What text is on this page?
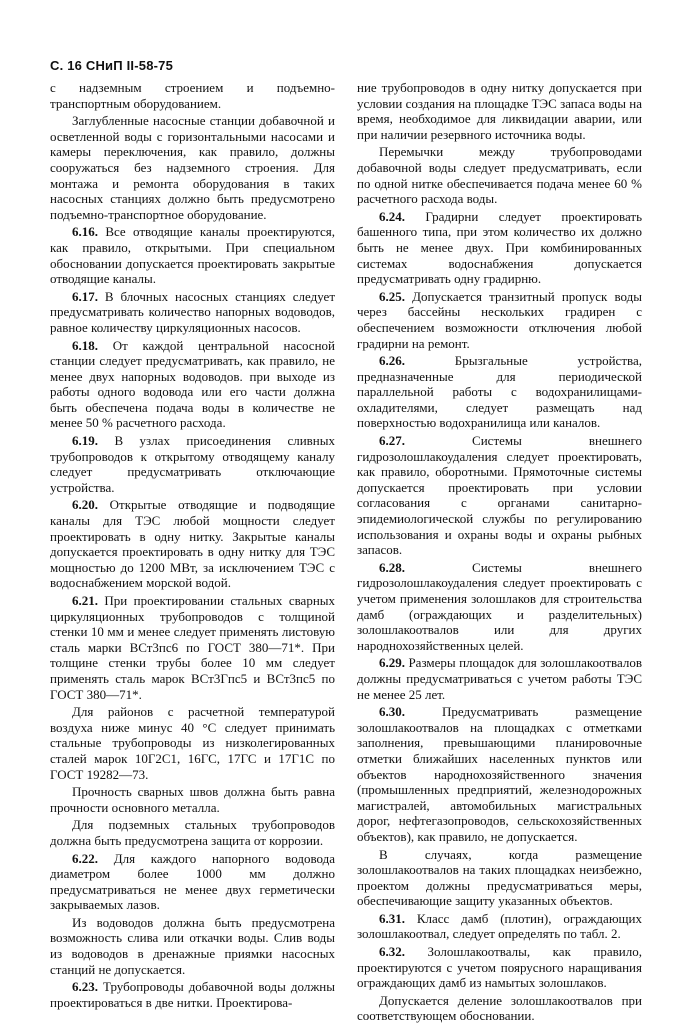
С. 16 СНиП II-58-75

с надземным строением и подъемно-транспортным оборудованием.

Заглубленные насосные станции добавочной и осветленной воды с горизонтальными насосами и камеры переключения, как правило, должны сооружаться без надземного строения. Для монтажа и ремонта оборудования в таких насосных станциях должно быть предусмотрено подъемно-транспортное оборудование.

6.16. Все отводящие каналы проектируются, как правило, открытыми. При специальном обосновании допускается проектировать закрытые отводящие каналы.

6.17. В блочных насосных станциях следует предусматривать количество напорных водоводов, равное количеству циркуляционных насосов.

6.18. От каждой центральной насосной станции следует предусматривать, как правило, не менее двух напорных водоводов. при выходе из работы одного водовода или его части должна быть обеспечена подача воды в количестве не менее 50 % расчетного расхода.

6.19. В узлах присоединения сливных трубопроводов к открытому отводящему каналу следует предусматривать отключающие устройства.

6.20. Открытые отводящие и подводящие каналы для ТЭС любой мощности следует проектировать в одну нитку. Закрытые каналы допускается проектировать в одну нитку для ТЭС мощностью до 1200 МВт, за исключением ТЭС с водоснабжением морской водой.

6.21. При проектировании стальных сварных циркуляционных трубопроводов с толщиной стенки 10 мм и менее следует применять листовую сталь марки ВСт3пс6 по ГОСТ 380—71*. При толщине стенки трубы более 10 мм следует применять сталь марок ВСт3Гпс5 и ВСт3пс5 по ГОСТ 380—71*.

Для районов с расчетной температурой воздуха ниже минус 40 °С следует принимать стальные трубопроводы из низколегированных сталей марок 10Г2С1, 16ГС, 17ГС и 17Г1С по ГОСТ 19282—73.

Прочность сварных швов должна быть равна прочности основного металла.

Для подземных стальных трубопроводов должна быть предусмотрена защита от коррозии.

6.22. Для каждого напорного водовода диаметром более 1000 мм должно предусматриваться не менее двух герметически закрываемых лазов.

Из водоводов должна быть предусмотрена возможность слива или откачки воды. Слив воды из водоводов в дренажные приямки насосных станций не допускается.

6.23. Трубопроводы добавочной воды должны проектироваться в две нитки. Проектирова-

ние трубопроводов в одну нитку допускается при условии создания на площадке ТЭС запаса воды на время, необходимое для ликвидации аварии, или при наличии резервного источника воды.

Перемычки между трубопроводами добавочной воды следует предусматривать, если по одной нитке обеспечивается подача менее 60 % расчетного расхода воды.

6.24. Градирни следует проектировать башенного типа, при этом количество их должно быть не менее двух. При комбинированных системах водоснабжения допускается предусматривать одну градирню.

6.25. Допускается транзитный пропуск воды через бассейны нескольких градирен с обеспечением возможности отключения любой градирни на ремонт.

6.26.	Брызгальные устройства, предназначенные для периодической параллельной работы с водохранилищами-охладителями, следует размещать над поверхностью водохранилища или каналов.

6.27.	Системы внешнего гидрозолошлакоудаления следует проектировать, как правило, оборотными. Прямоточные системы допускается проектировать при условии согласования с органами санитарно-эпидемиологической службы по регулированию использования и охраны воды и охраны рыбных запасов.

6.28.	Системы внешнего гидрозолошлакоудаления следует проектировать с учетом применения золошлаков для строительства дамб (ограждающих и разделительных) золошлакоотвалов или для других народнохозяйственных целей.

6.29. Размеры площадок для золошлакоотвалов должны предусматриваться с учетом работы ТЭС не менее 25 лет.

6.30.	Предусматривать размещение золошлакоотвалов на площадках с отметками заполнения, превышающими планировочные отметки ближайших населенных пунктов или объектов народнохозяйственного значения (промышленных предприятий, железнодорожных магистралей, автомобильных магистральных дорог, нефтегазопроводов, сельскохозяйственных объектов), как правило, не допускается.

В случаях, когда размещение золошлакоотвалов на таких площадках неизбежно, проектом должны предусматриваться меры, обеспечивающие защиту указанных объектов.

6.31. Класс дамб (плотин), ограждающих золошлакоотвал, следует определять по табл. 2.

6.32. Золошлакоотвалы, как правило, проектируются с учетом поярусного наращивания ограждающих дамб из намытых золошлаков.

Допускается деление золошлакоотвалов при соответствующем обосновании.
